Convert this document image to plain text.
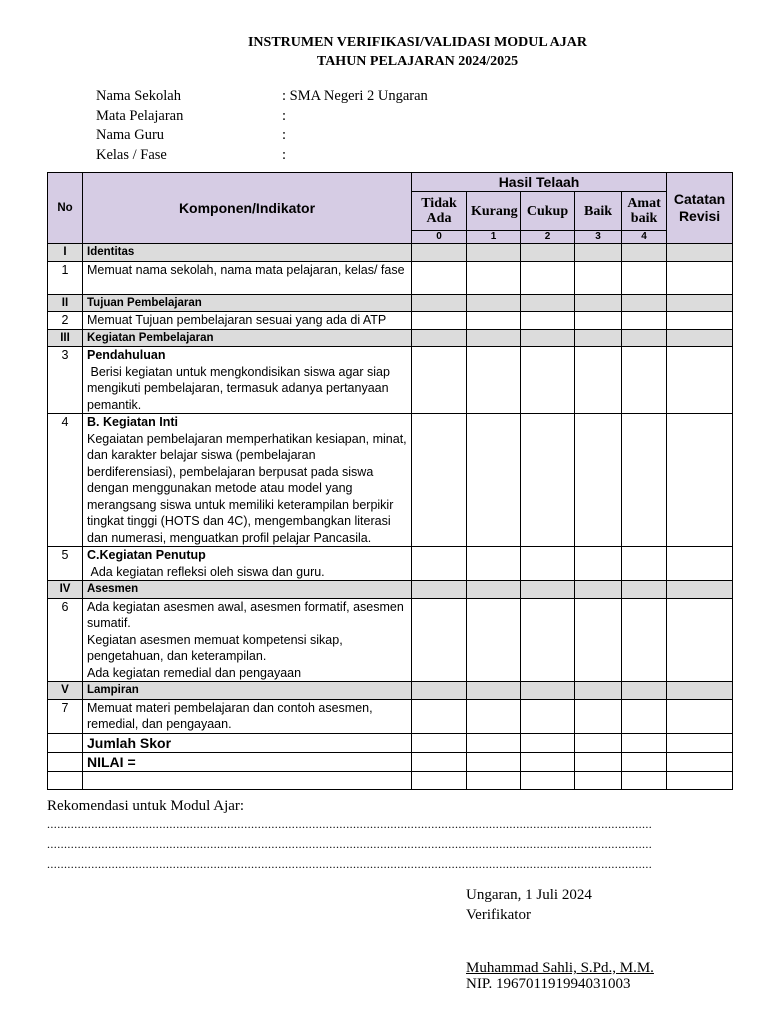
INSTRUMEN VERIFIKASI/VALIDASI MODUL AJAR
TAHUN PELAJARAN 2024/2025
Nama Sekolah	: SMA Negeri 2 Ungaran
Mata Pelajaran	:
Nama Guru	:
Kelas / Fase	:
No	Komponen/Indikator	Hasil Telaah					Catatan Revisi
		Tidak Ada	Kurang	Cukup	Baik	Amat baik	
		0	1	2	3	4	
I	Identitas						
1	Memuat nama sekolah, nama mata pelajaran, kelas/ fase						
II	Tujuan Pembelajaran						
2	Memuat Tujuan pembelajaran sesuai yang ada di ATP						
III	Kegiatan Pembelajaran						
3	Pendahuluan
Berisi kegiatan untuk mengkondisikan siswa agar siap mengikuti pembelajaran, termasuk adanya pertanyaan pemantik.						

4	B. Kegiatan Inti
Kegaiatan pembelajaran memperhatikan kesiapan, minat, dan karakter belajar siswa (pembelajaran berdiferensiasi), pembelajaran berpusat pada siswa dengan menggunakan metode atau model yang merangsang siswa untuk memiliki keterampilan berpikir tingkat tinggi (HOTS dan 4C), mengembangkan literasi dan numerasi, menguatkan profil pelajar Pancasila.						

5	C.Kegiatan Penutup
Ada kegiatan refleksi oleh siswa dan guru.						

IV	Asesmen						
6	Ada kegiatan asesmen awal, asesmen formatif, asesmen sumatif.
Kegiatan asesmen memuat kompetensi sikap, pengetahuan, dan keterampilan.
Ada kegiatan remedial dan pengayaan						
V	Lampiran						
7	Memuat materi pembelajaran dan contoh asesmen, remedial, dan pengayaan.						
	Jumlah Skor						
	NILAI =						

Rekomendasi untuk Modul Ajar:
..................................................................................................................................................................................
..................................................................................................................................................................................
..................................................................................................................................................................................
Ungaran, 1 Juli 2024
Verifikator
Muhammad Sahli, S.Pd., M.M.
NIP. 196701191994031003
